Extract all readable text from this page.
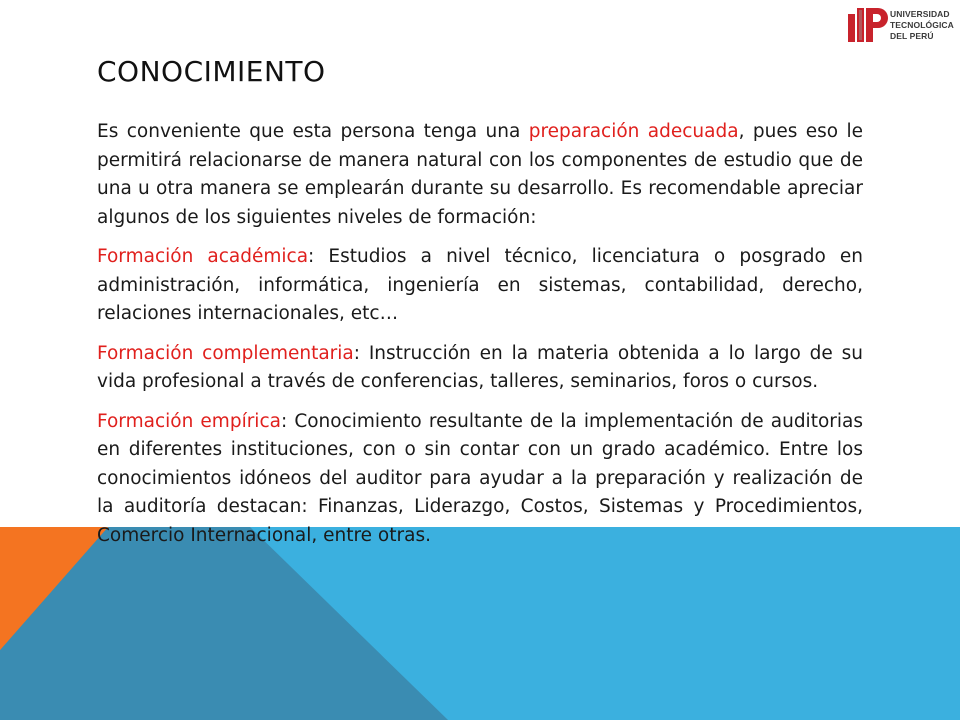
UNIVERSIDAD
TECNOLÓGICA
DEL PERÚ
CONOCIMIENTO

Es conveniente que esta persona tenga una preparación adecuada, pues eso le permitirá relacionarse de manera natural con los componentes de estudio que de una u otra manera se emplearán durante su desarrollo. Es recomendable apreciar algunos de los siguientes niveles de formación:

Formación académica: Estudios a nivel técnico, licenciatura o posgrado en administración, informática, ingeniería en sistemas, contabilidad, derecho, relaciones internacionales, etc…

Formación complementaria: Instrucción en la materia obtenida a lo largo de su vida profesional a través de conferencias, talleres, seminarios, foros o cursos.

Formación empírica: Conocimiento resultante de la implementación de auditorias en diferentes instituciones, con o sin contar con un grado académico. Entre los conocimientos idóneos del auditor para ayudar a la preparación y realización de la auditoría destacan: Finanzas, Liderazgo, Costos, Sistemas y Procedimientos, Comercio Internacional, entre otras.
